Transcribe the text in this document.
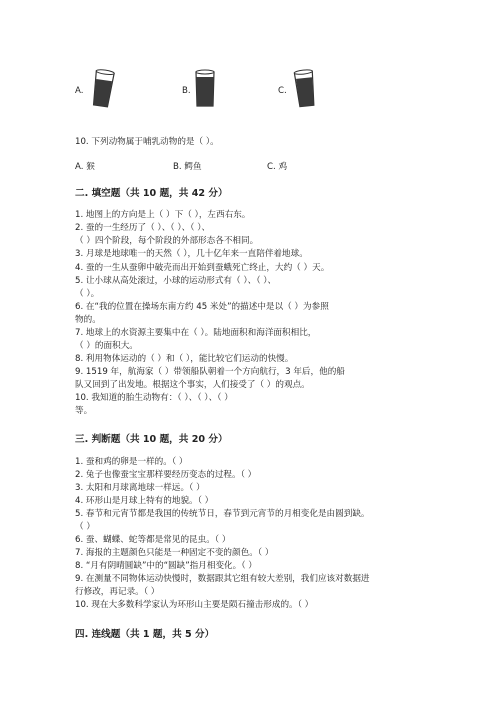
A.	B.	C.
10. 下列动物属于哺乳动物的是（ ）。
A. 猴	B. 鳄鱼	C. 鸡
二. 填空题（共 10 题，共 42 分）
1. 地图上的方向是上（ ）下（ ），左西右东。
2. 蚕的一生经历了（ ）、（ ）、（ ）、
（ ）四个阶段，每个阶段的外部形态各不相同。
3. 月球是地球唯一的天然（ ），几十亿年来一直陪伴着地球。
4. 蚕的一生从蚕卵中破壳而出开始到蚕蛾死亡终止，大约（ ）天。
5. 让小球从高处滚过，小球的运动形式有（ ）、（ ）、
（ ）。
6. 在“我的位置在操场东南方约 45 米处”的描述中是以（ ）为参照
物的。
7. 地球上的水资源主要集中在（ ）。陆地面积和海洋面积相比，
（ ）的面积大。
8. 利用物体运动的（ ）和（ ），能比较它们运动的快慢。
9. 1519 年，航海家（ ）带领船队朝着一个方向航行，3 年后，他的船
队又回到了出发地。根据这个事实，人们接受了（ ）的观点。
10. 我知道的胎生动物有：（ ）、（ ）、（ ）
等。
三. 判断题（共 10 题，共 20 分）
1. 蚕和鸡的卵是一样的。（ ）
2. 兔子也像蚕宝宝那样要经历变态的过程。（ ）
3. 太阳和月球离地球一样远。（ ）
4. 环形山是月球上特有的地貌。（ ）
5. 春节和元宵节都是我国的传统节日，春节到元宵节的月相变化是由圆到缺。
（ ）
6. 蚕、蝴蝶、蛇等都是常见的昆虫。（ ）
7. 海报的主题颜色只能是一种固定不变的颜色。（ ）
8. “月有阴晴圆缺”中的“圆缺”指月相变化。（ ）
9. 在测量不同物体运动快慢时，数据跟其它组有较大差别，我们应该对数据进
行修改，再记录。（ ）
10. 现在大多数科学家认为环形山主要是陨石撞击形成的。（ ）
四. 连线题（共 1 题，共 5 分）
